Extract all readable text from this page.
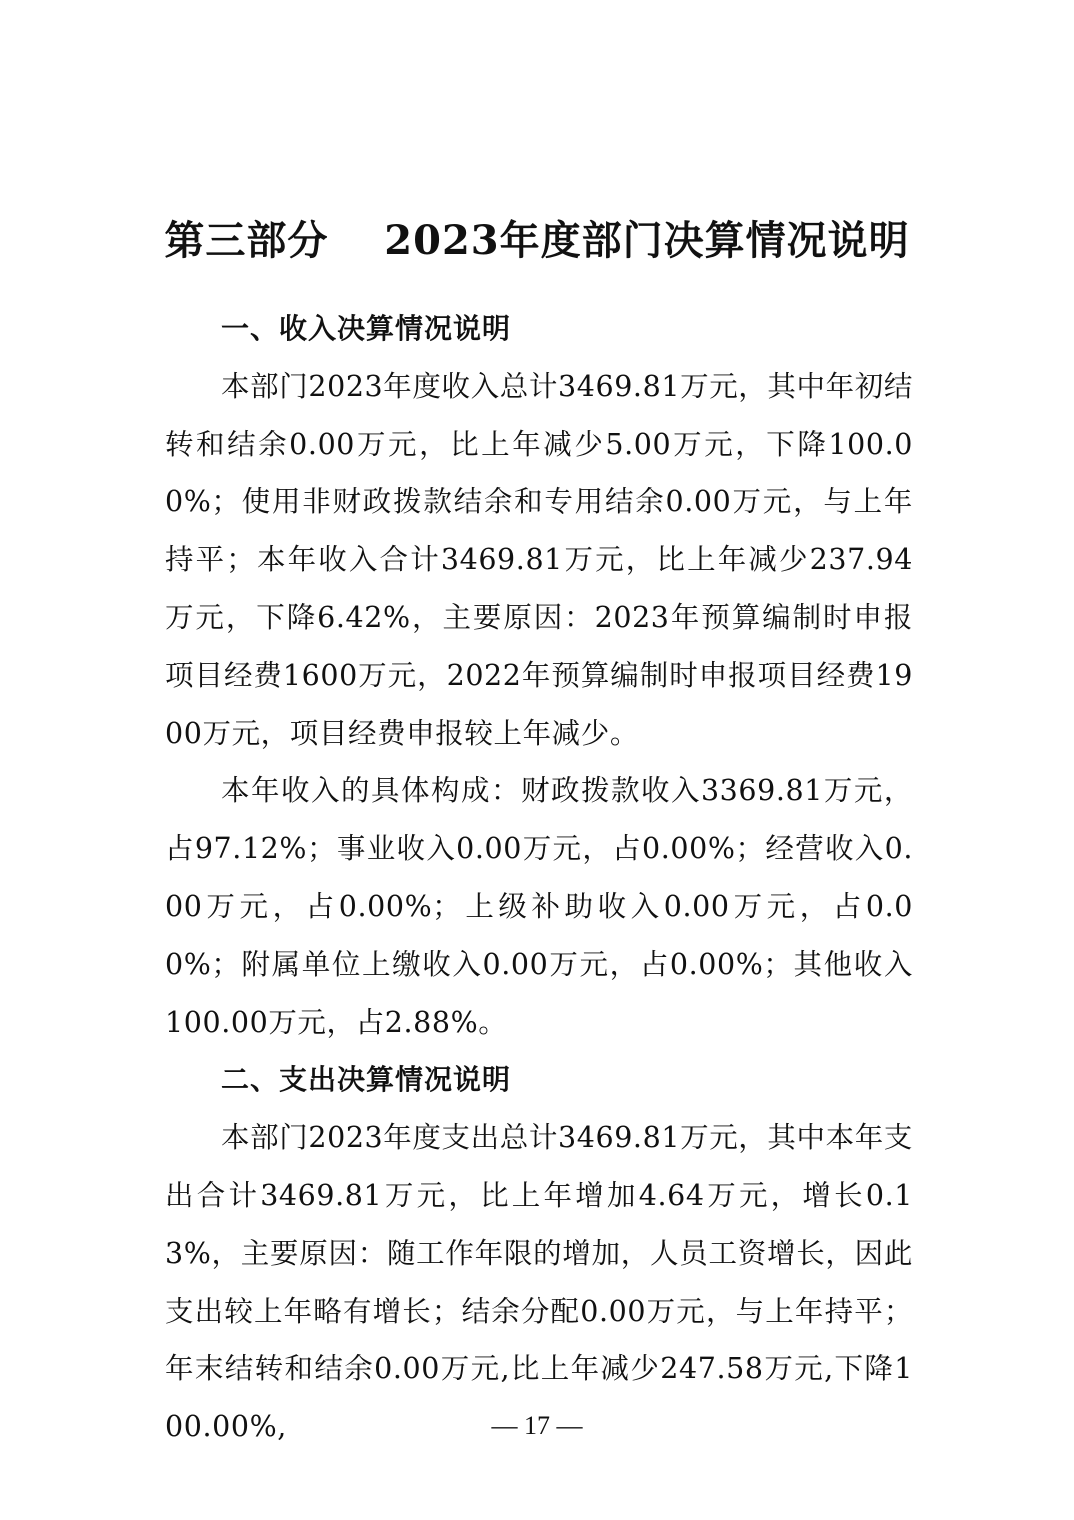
第三部分　 2023年度部门决算情况说明
一、收入决算情况说明

本部门2023年度收入总计3469.81万元，其中年初结转和结余0.00万元，比上年减少5.00万元，下降100.00%；使用非财政拨款结余和专用结余0.00万元，与上年持平；本年收入合计3469.81万元，比上年减少237.94万元，下降6.42%，主要原因：2023年预算编制时申报项目经费1600万元，2022年预算编制时申报项目经费1900万元，项目经费申报较上年减少。

本年收入的具体构成：财政拨款收入3369.81万元，占97.12%；事业收入0.00万元，占0.00%；经营收入0.00万元，占0.00%；上级补助收入0.00万元，占0.00%；附属单位上缴收入0.00万元，占0.00%；其他收入100.00万元，占2.88%。

二、支出决算情况说明

本部门2023年度支出总计3469.81万元，其中本年支出合计3469.81万元，比上年增加4.64万元，增长0.13%，主要原因：随工作年限的增加，人员工资增长，因此支出较上年略有增长；结余分配0.00万元，与上年持平；年末结转和结余0.00万元,比上年减少247.58万元,下降100.00%,	— 17 —
